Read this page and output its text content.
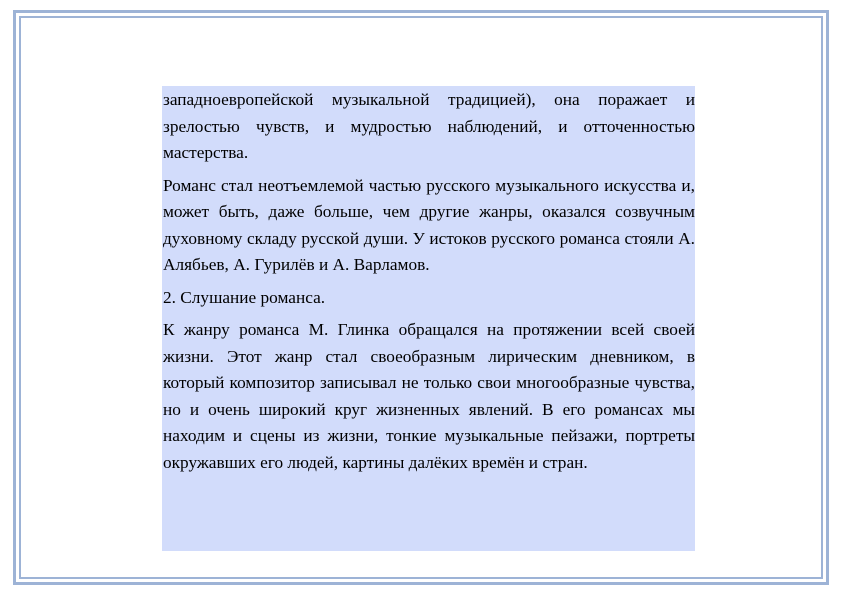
западноевропейской музыкальной традицией), она поражает и зрелостью чувств, и мудростью наблюдений, и отточенностью мастерства.

Романс стал неотъемлемой частью русского музыкального искусства и, может быть, даже больше, чем другие жанры, оказался созвучным духовному складу русской души. У истоков русского романса стояли А. Алябьев, А. Гурилёв и А. Варламов.

2. Слушание романса.

К жанру романса М. Глинка обращался на протяжении всей своей жизни. Этот жанр стал своеобразным лирическим дневником, в который композитор записывал не только свои многообразные чувства, но и очень широкий круг жизненных явлений. В его романсах мы находим и сцены из жизни, тонкие музыкальные пейзажи, портреты окружавших его людей, картины далёких времён и стран.
